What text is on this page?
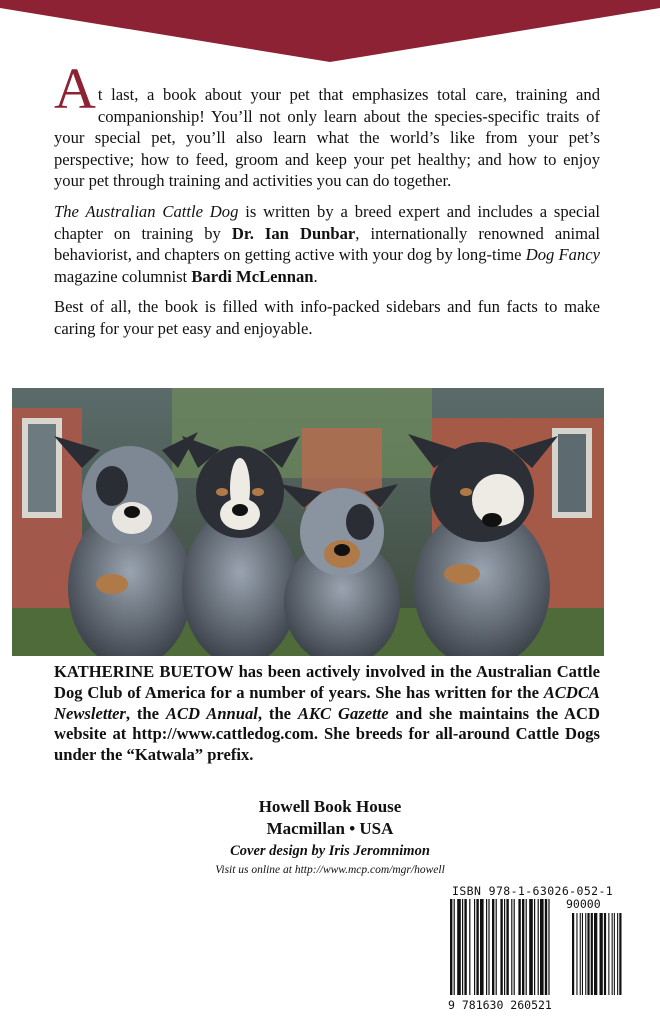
At last, a book about your pet that emphasizes total care, training and companionship! You’ll not only learn about the species-specific traits of your special pet, you’ll also learn what the world’s like from your pet’s perspective; how to feed, groom and keep your pet healthy; and how to enjoy your pet through training and activities you can do together.

The Australian Cattle Dog is written by a breed expert and includes a special chapter on training by Dr. Ian Dunbar, internationally renowned animal behaviorist, and chapters on getting active with your dog by long-time Dog Fancy magazine columnist Bardi McLennan.

Best of all, the book is filled with info-packed sidebars and fun facts to make caring for your pet easy and enjoyable.

KATHERINE BUETOW has been actively involved in the Australian Cattle Dog Club of America for a number of years. She has written for the ACDCA Newsletter, the ACD Annual, the AKC Gazette and she maintains the ACD website at http://www.cattledog.com. She breeds for all-around Cattle Dogs under the “Katwala” prefix.
Howell Book House
Macmillan • USA
Cover design by Iris Jeromnimon
Visit us online at http://www.mcp.com/mgr/howell
ISBN 978-1-63026-052-1
90000
9 781630 260521
